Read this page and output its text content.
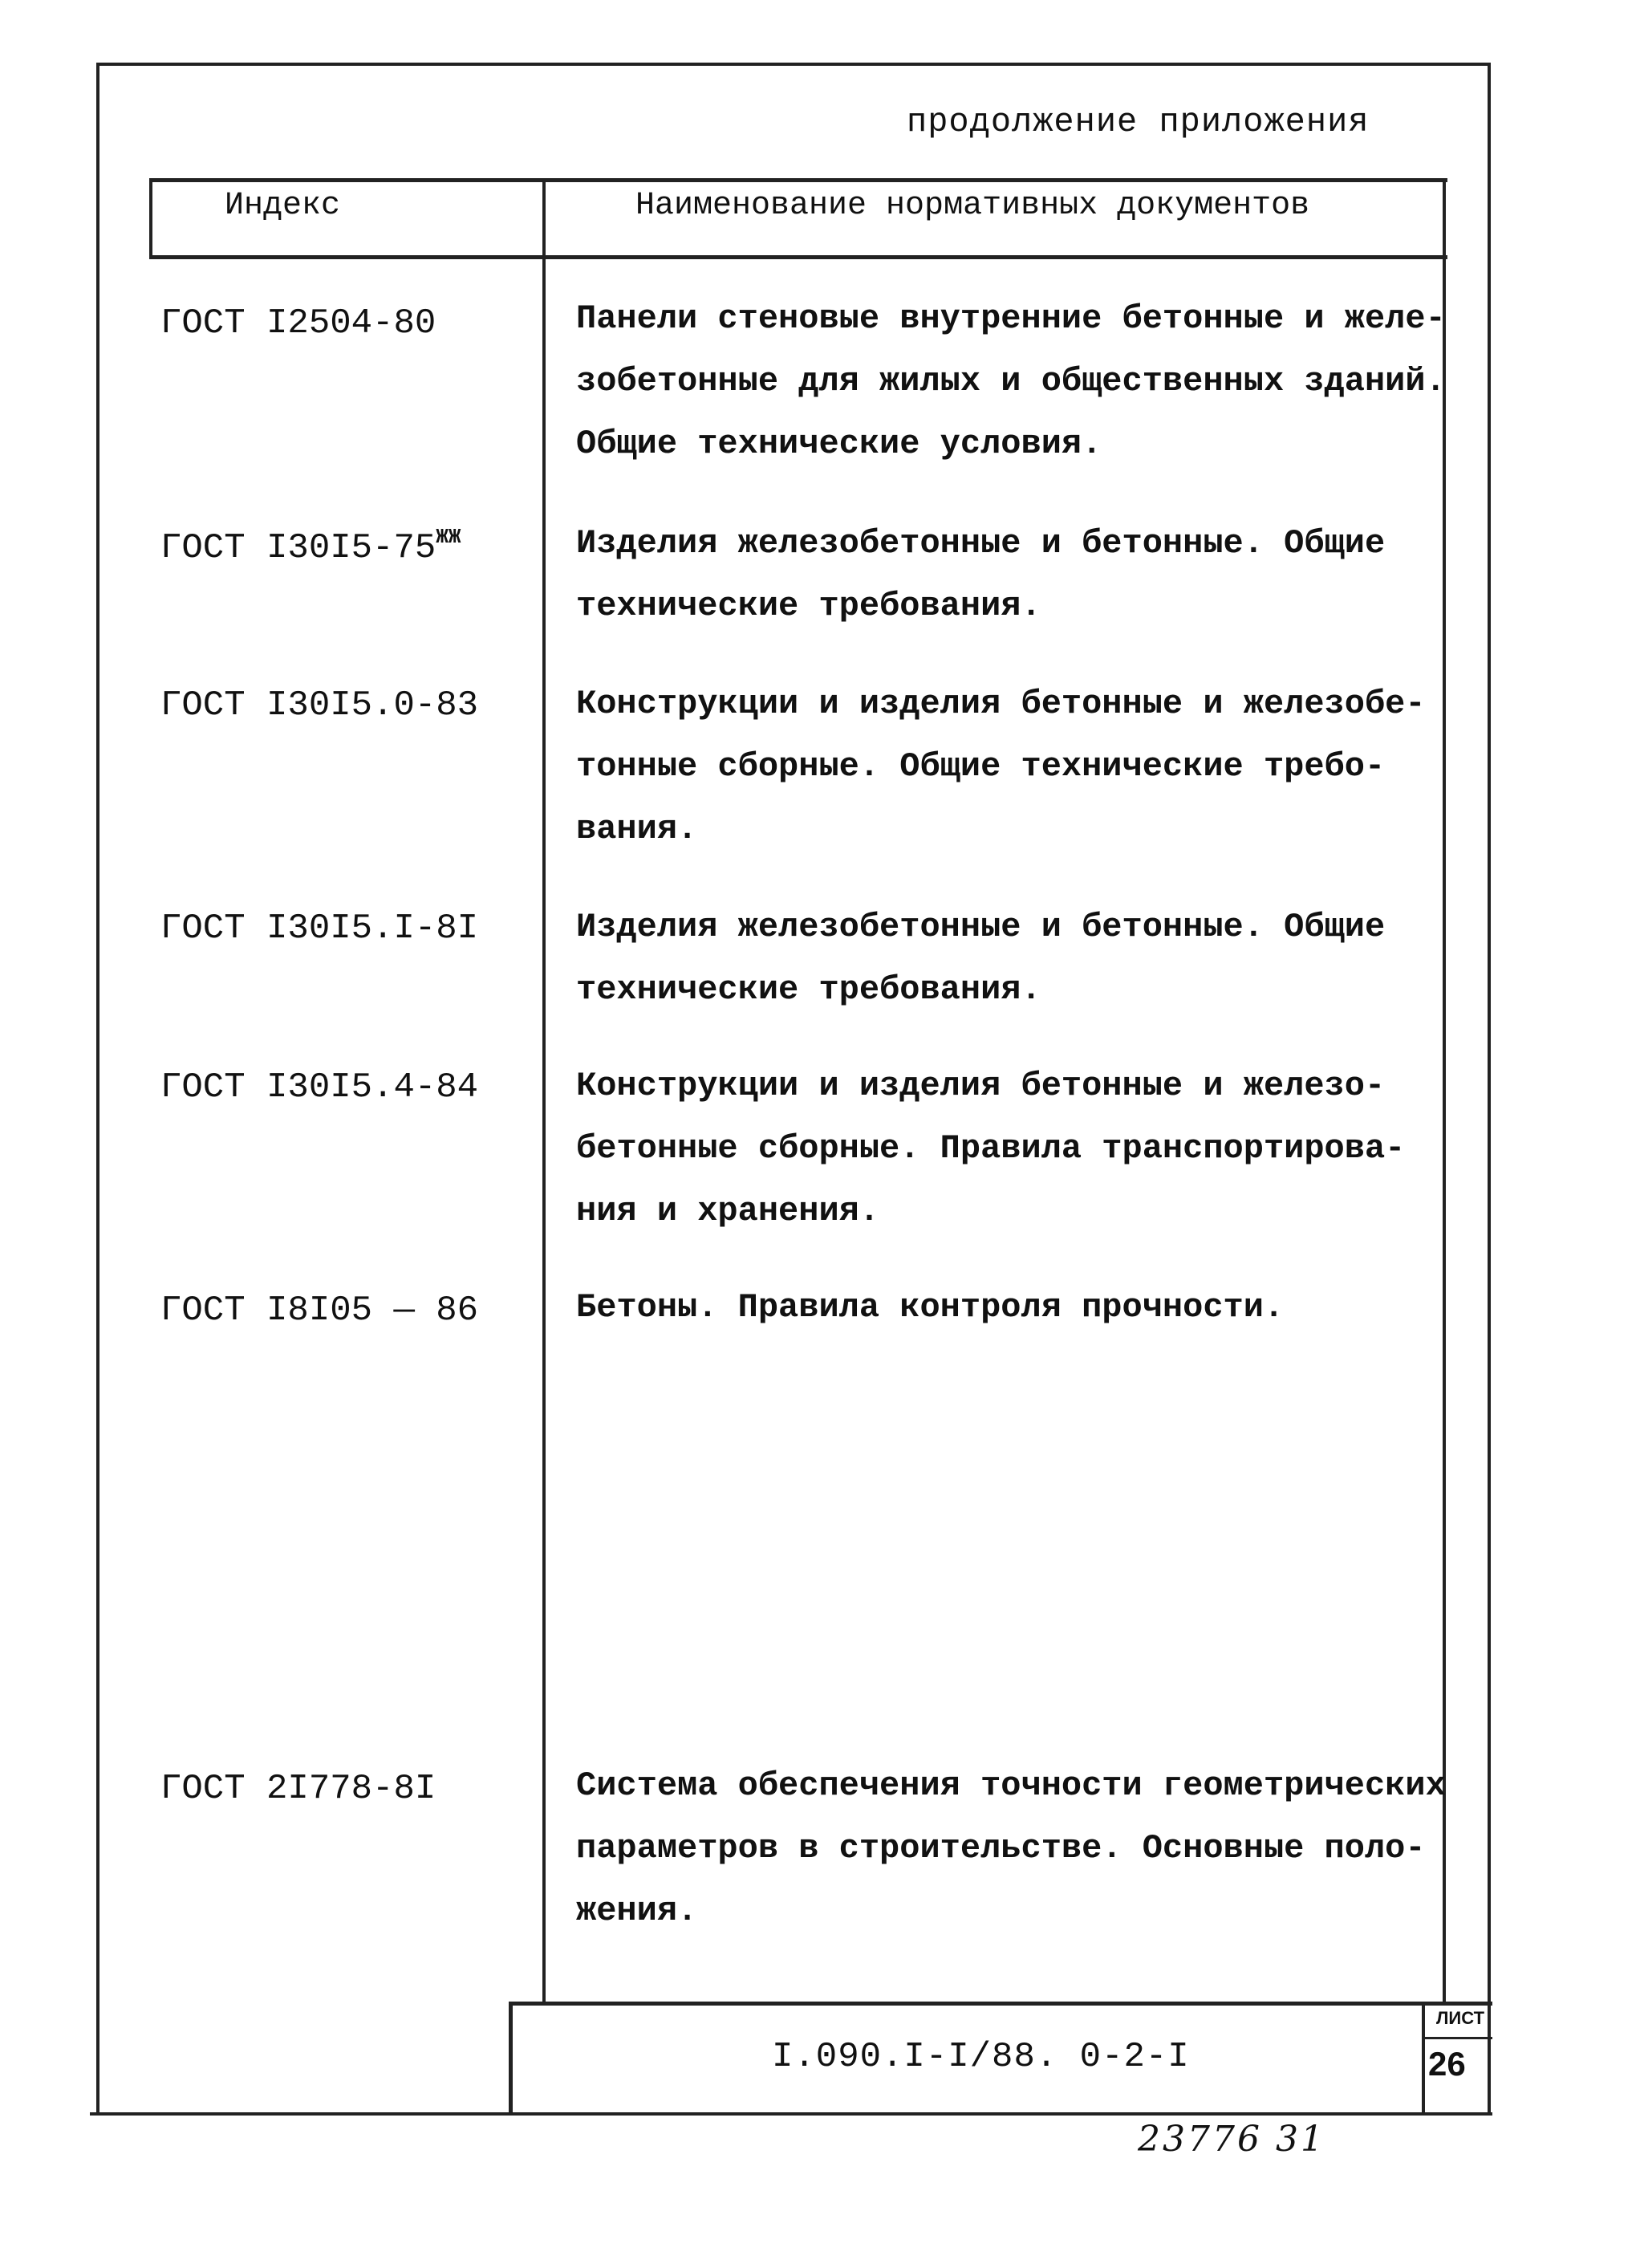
продолжение приложения
Индекс	Наименование нормативных документов
ГОСТ I2504-80	Панели стеновые внутренние бетонные и желе-
зобетонные для жилых и общественных зданий.
Общие технические условия.
ГОСТ $I30I5-75^{ЖЖ}$	Изделия железобетонные и бетонные. Общие
технические требования.
ГОСТ I30I5.0-83	Конструкции и изделия бетонные и железобе-
тонные сборные. Общие технические требо-
вания.
ГОСТ I30I5.I-8I	Изделия железобетонные и бетонные. Общие
технические требования.
ГОСТ I30I5.4-84	Конструкции и изделия бетонные и железо-
бетонные сборные. Правила транспортирова-
ния и хранения.
ГОСТ I8I05 — 86	Бетоны. Правила контроля прочности.
ГОСТ 2I778-8I	Система обеспечения точности геометрических
параметров в строительстве. Основные поло-
жения.
I.090.I-I/88. 0-2-I
ЛИСТ
26
23776 31
